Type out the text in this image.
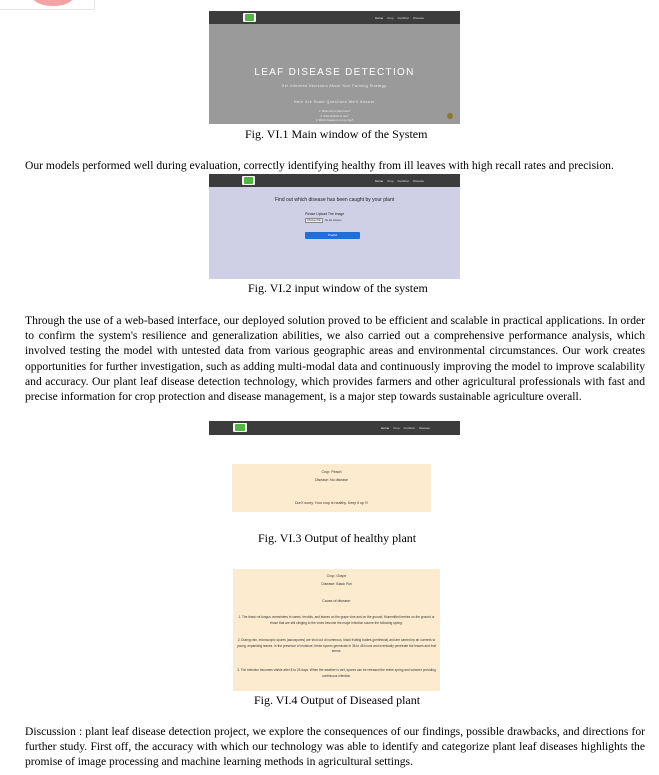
Home Crop Fertilizer Disease
LEAF DISEASE DETECTION
Get Informed Decisions About Your Farming Strategy.
Here Are Some Questions We'll Answer
1. What crop to plant here?
2. What fertilizer to use?
3. Which disease is on my crop?
Fig. VI.1 Main window of the System
Our models performed well during evaluation, correctly identifying healthy from ill leaves with high recall rates and precision.
Home Crop Fertilizer Disease
Find out which disease has been caught by your plant
Please Upload The Image
Choose File	No file chosen
Predict
Fig. VI.2 input window of the system
Through the use of a web-based interface, our deployed solution proved to be efficient and scalable in practical applications. In order to confirm the system's resilience and generalization abilities, we also carried out a comprehensive performance analysis, which involved testing the model with untested data from various geographic areas and environmental circumstances. Our work creates opportunities for further investigation, such as adding multi-modal data and continuously improving the model to improve scalability and accuracy. Our plant leaf disease detection technology, which provides farmers and other agricultural professionals with fast and precise information for crop protection and disease management, is a major step towards sustainable agriculture overall.
Home Crop Fertilizer Disease
Crop: Peach
Disease: No disease
Don't worry. Your crop is healthy. Keep it up !!!
Fig. VI.3 Output of healthy plant
Crop: Grape
Disease: Black Rot
Cause of disease:
1. The black rot fungus overwinters in canes, tendrils, and leaves on the grape vine and on the ground. Mummified berries on the ground or those that are still clinging to the vines become the major infection source the following spring.
2. During rain, microscopic spores (ascospores) are shot out of numerous, black fruiting bodies (perithecia) and are carried by air currents to young, expanding leaves. In the presence of moisture, these spores germinate in 36 to 48 hours and eventually penetrate the leaves and fruit stems.
3. The infection becomes visible after 8 to 25 days. When the weather is wet, spores can be released the entire spring and summer providing continuous infection.
Fig. VI.4 Output of Diseased plant
Discussion : plant leaf disease detection project, we explore the consequences of our findings, possible drawbacks, and directions for further study. First off, the accuracy with which our technology was able to identify and categorize plant leaf diseases highlights the promise of image processing and machine learning methods in agricultural settings.
